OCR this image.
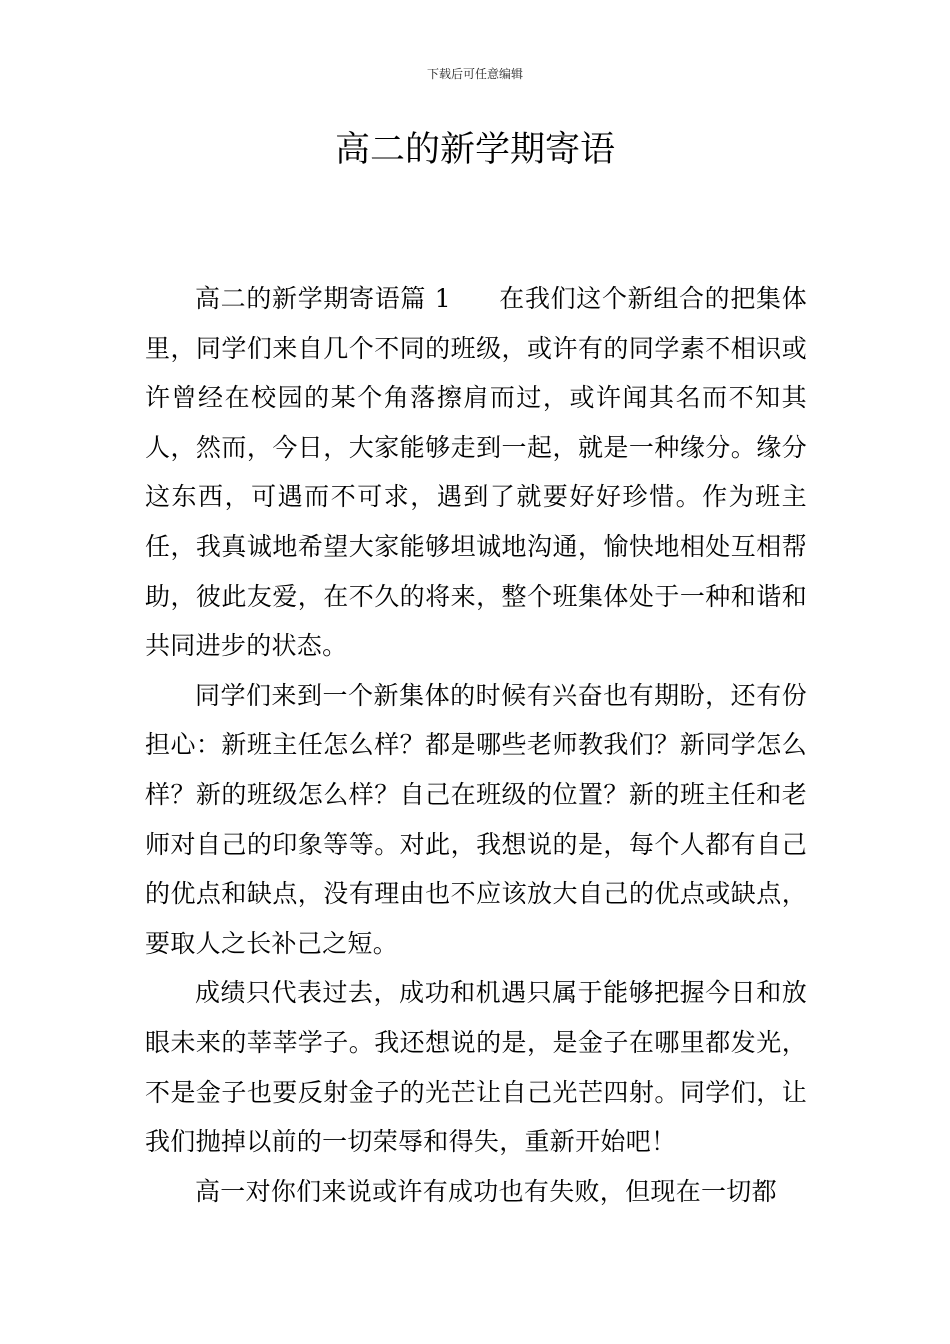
下载后可任意编辑
高二的新学期寄语

高二的新学期寄语篇 1 在我们这个新组合的把集体里，同学们来自几个不同的班级，或许有的同学素不相识或许曾经在校园的某个角落擦肩而过，或许闻其名而不知其人，然而，今日，大家能够走到一起，就是一种缘分。缘分这东西，可遇而不可求，遇到了就要好好珍惜。作为班主任，我真诚地希望大家能够坦诚地沟通，愉快地相处互相帮助，彼此友爱，在不久的将来，整个班集体处于一种和谐和共同进步的状态。

同学们来到一个新集体的时候有兴奋也有期盼，还有份担心：新班主任怎么样？都是哪些老师教我们？新同学怎么样？新的班级怎么样？自己在班级的位置？新的班主任和老师对自己的印象等等。对此，我想说的是，每个人都有自己的优点和缺点，没有理由也不应该放大自己的优点或缺点，要取人之长补己之短。

成绩只代表过去，成功和机遇只属于能够把握今日和放眼未来的莘莘学子。我还想说的是，是金子在哪里都发光，不是金子也要反射金子的光芒让自己光芒四射。同学们，让我们抛掉以前的一切荣辱和得失，重新开始吧！

高一对你们来说或许有成功也有失败，但现在一切都
